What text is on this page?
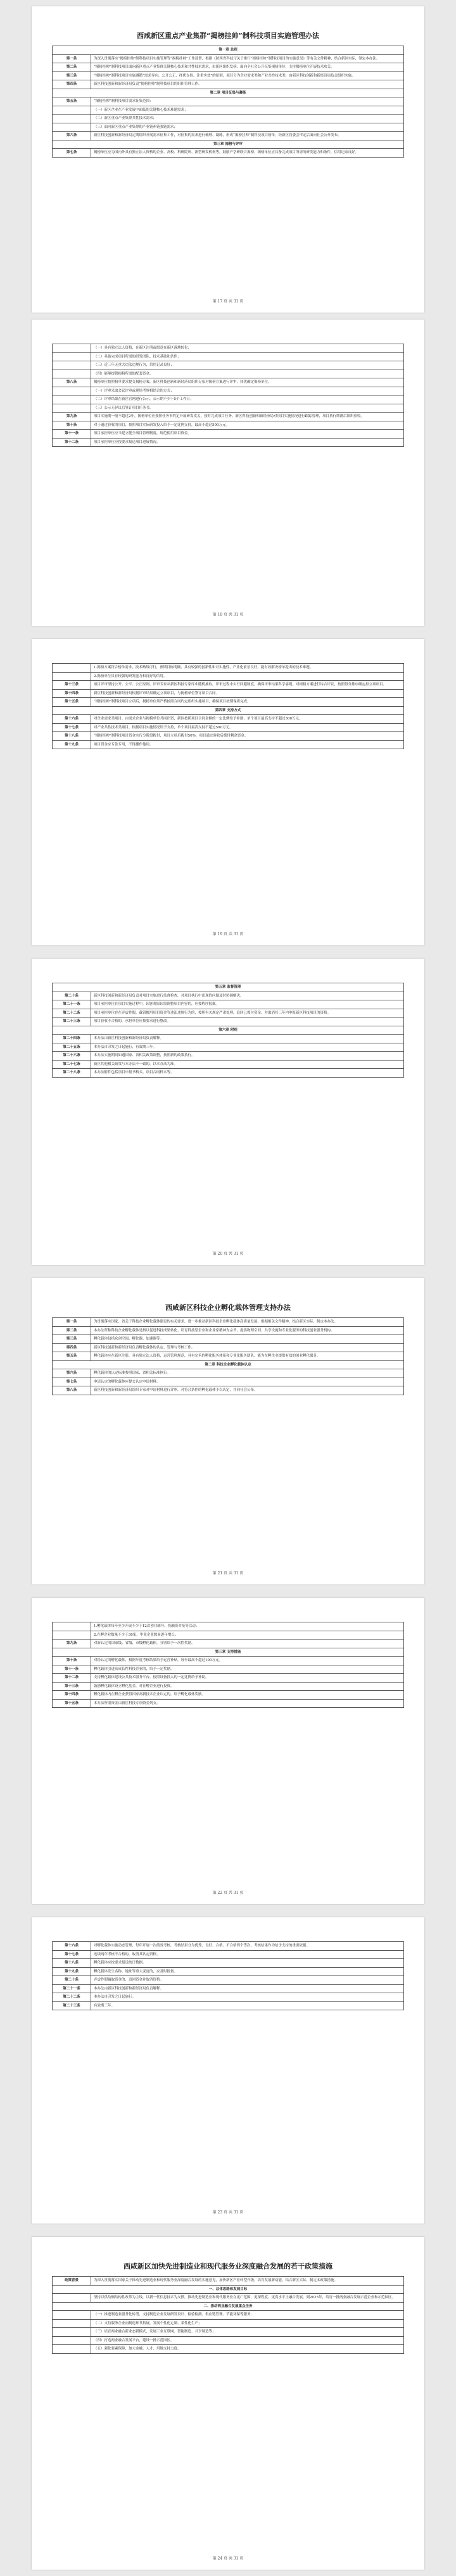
西咸新区重点产业集群“揭榜挂帅”制科技项目实施管理办法
第一章 总则	
第一条	为深入贯彻落实“揭榜挂帅”制科技项目实施管理等“揭榜挂帅”工作部署，根据《陕西省科技厅关于推行“揭榜挂帅”制科技项目的实施意见》等有关文件精神，结合新区实际，制定本办法。
第二条	“揭榜挂帅”制科技项目面向新区重点产业集群关键核心技术和共性技术需求，由新区组织发榜、面向全社会公开征集揭榜单位，支持揭榜单位开展技术攻关。
第三条	“揭榜挂帅”制科技项目实施遵循“需求导向、公开公正、择优支持、注重实效”的原则，项目分为企业需求类和产业共性技术类，由新区科技创新和新经济局负责组织实施。
第四条	新区科技创新和新经济局负责“揭榜挂帅”制科技项目的组织管理工作。
第二章 项目征集与凝练	
第五条	“揭榜挂帅”制科技项目需求征集范围：
	（一）新区企业在产业发展中面临的关键核心技术难题需求；
	（二）新区重点产业集群共性技术需求；
	（三）面向新区重点产业集群的产业链补链强链需求；
第六条	新区科技创新和新经济局定期组织开展需求征集工作，对征集的需求进行梳理、凝练，形成“揭榜挂帅”制科技项目榜单，经新区管委会审定后面向社会公开发布。
第三章 揭榜与评审	
第七条	揭榜单位应为国内外具有独立法人资格的企业、高校、科研院所、新型研发机构等，鼓励产学研联合揭榜。揭榜单位应具备完成项目所需的研发能力和条件，信用记录良好。
第 17 页 共 31 页
	（一）具有独立法人资格，在新区注册或愿意在新区落地转化；
	（二）具备完成项目所需的研发团队、技术基础和条件；
	（三）近三年无重大违法违规行为，信用记录良好；
	（四）能够提供揭榜所需的配套资金。
第八条	揭榜单位按照榜单要求提交揭榜方案，新区科技创新和新经济局组织专家对揭榜方案进行评审，择优确定揭榜单位。
	（一）评审采取会议评审或现场考察相结合的方式；
	（二）评审结果在新区官网进行公示，公示期不少于5个工作日；
	（三）公示无异议后签订项目任务书。
第九条	项目实施期一般不超过2年，揭榜单位应按照任务书约定开展研发攻关，按时完成项目任务。新区科技创新和新经济局对项目实施情况进行跟踪管理，项目执行期满后组织验收。
第十条	对于通过验收的项目，按照项目实际研发投入给予一定比例支持，最高不超过500万元。
第十一条	项目承担单位应当建立健全项目管理制度，规范使用项目资金。
第十二条	项目承担单位应按要求报送项目进展情况。
第 18 页 共 31 页
	1.揭榜方案符合榜单需求，技术路线可行，预期目标明确，具有较强的创新性和可实施性，产业化前景良好，能有效解决榜单提出的技术难题。
	2.揭榜单位具有较强的研发能力和良好的信用。
第十三条	项目评审坚持公开、公平、公正原则，评审专家从新区科技专家库中随机抽取，评审过程中实行回避制度，确保评审结果科学客观。对揭榜方案进行综合评议，按照得分排序确定拟立项项目。
第十四条	新区科技创新和新经济局根据评审结果确定立项项目，与揭榜单位签订项目合同。
第十五条	“揭榜挂帅”制科技项目立项后，揭榜单位须严格按照合同约定组织实施项目，确保项目按期保质完成。
第四章 支持方式	
第十六条	对企业需求类项目，由需求企业与揭榜单位共同出资，新区按照项目合同金额的一定比例给予补助，单个项目最高支持不超过300万元。
第十七条	对产业共性技术类项目，根据项目实施情况给予支持，单个项目最高支持不超过500万元。
第十八条	“揭榜挂帅”制科技项目资金实行分阶段拨付，项目立项后拨付50%，项目通过验收后拨付剩余资金。
第十九条	项目资金应专款专用，不得挪作他用。
第 19 页 共 31 页
第五章 监督管理	
第二十条	新区科技创新和新经济局负责对项目实施进行监督检查，对项目执行中出现的问题及时协调解决。
第二十一条	项目承担单位在项目实施过程中，因客观原因需调整项目内容的，应按程序报批。
第二十二条	项目承担单位存在弄虚作假、截留挪用项目资金等违法违规行为的，按照有关规定严肃处理，追回已拨付资金，并取消其三年内申报新区科技项目的资格。
第二十三条	项目验收不合格的，承担单位应按要求进行整改。
第六章 附则	
第二十四条	本办法由新区科技创新和新经济局负责解释。
第二十五条	本办法自印发之日起施行，有效期三年。
第二十六条	本办法实施期间如遇国家、省相关政策调整，按照新的政策执行。
第二十七条	新区其他相关政策与本办法不一致的，以本办法为准。
第二十八条	本办法附件包括项目申报书格式、项目合同样本等。
第 20 页 共 31 页
西咸新区科技企业孵化载体管理支持办法
第一条	为贯彻落实国家、省关于科技企业孵化载体建设的有关要求，进一步推动新区科技企业孵化载体高质量发展，根据相关文件精神，结合新区实际，制定本办法。
第二条	本办法所称科技企业孵化载体是指以促进科技成果转化、培育科技型企业和企业家精神为宗旨，提供物理空间、共享设施和专业化服务的科技创业服务机构。
第三条	孵化载体包括众创空间、孵化器、加速器等。
第四条	新区科技创新和新经济局负责孵化载体的认定、管理与考核工作。
第五条	孵化载体应在新区注册，具有独立法人资格，运营管理规范，具有完善的孵化服务体系和专业化服务团队，能为在孵企业提供有效的创业孵化服务。
第二章 科技企业孵化载体认定	
第六条	孵化载体的认定标准参照国家、省相关标准执行。
第七条	申请认定的孵化载体应提交认定申请材料。
第八条	新区科技创新和新经济局组织专家对申请材料进行评审，对符合条件的孵化载体予以认定，并向社会公布。
第 21 页 共 31 页
	1.孵化载体每年至少开展不少于12次创业辅导、投融资对接等活动；
	2.在孵企业数量不少于30家，毕业企业数量逐年增长；
第九条	对新认定的国家级、省级、市级孵化载体，分别给予一次性奖励。
第三章 支持措施	
第十条	对经认定的孵化载体，根据年度考核结果给予运营补贴，每年最高不超过100万元。
第十一条	孵化载体引进高成长性科技企业的，给予一定奖励。
第十二条	支持孵化载体建设公共技术服务平台，按照设备投入的一定比例给予补助。
第十三条	鼓励孵化载体设立孵化基金，对在孵企业进行投资。
第十四条	孵化载体内在孵企业获得国家高新技术企业认定的，给予孵化载体奖励。
第十五条	本办法所需资金由新区科技专项资金列支。
第 22 页 共 31 页
第十六条	对孵化载体实施动态管理，每年开展一次绩效考核，考核结果分为优秀、良好、合格、不合格四个等次，考核结果作为给予支持的重要依据。
第十七条	连续两年考核不合格的，取消其认定资格。
第十八条	孵化载体应按要求报送统计数据。
第十九条	孵化载体发生名称、地址等重大变更的，应及时报备。
第二十条	弄虚作假骗取资金的，追回资金并取消资格。
第二十一条	本办法由新区科技创新和新经济局负责解释。
第二十二条	本办法自印发之日起施行。
第二十三条	有效期三年。
第 23 页 共 31 页
西咸新区加快先进制造业和现代服务业深度融合发展的若干政策措施
政策背景	为深入贯彻落实国家关于推动先进制造业和现代服务业深度融合发展的实施意见，加快新区产业转型升级，培育发展新动能，结合新区实际，制定本政策措施。
一、总体思路和发展目标	
	坚持以供给侧结构性改革为主线，以新一代信息技术为支撑，推动先进制造业和现代服务业在更广范围、更深程度、更高水平上融合发展。到2025年，培育一批两业融合发展示范企业和示范园区。
二、推动两业融合发展重点任务	
	（一）推进制造业服务化转型，支持制造企业发展研发设计、检验检测、供应链管理、节能环保等服务；
	（二）支持服务企业向制造环节拓展，发展个性化定制、柔性化生产；
	（三）培育两业融合新业态新模式，发展工业互联网、智能制造、共享制造等；
	（四）打造两业融合发展平台，建设一批示范园区。
	（五）强化要素保障，加大金融、人才、用地支持力度。
第 24 页 共 31 页
